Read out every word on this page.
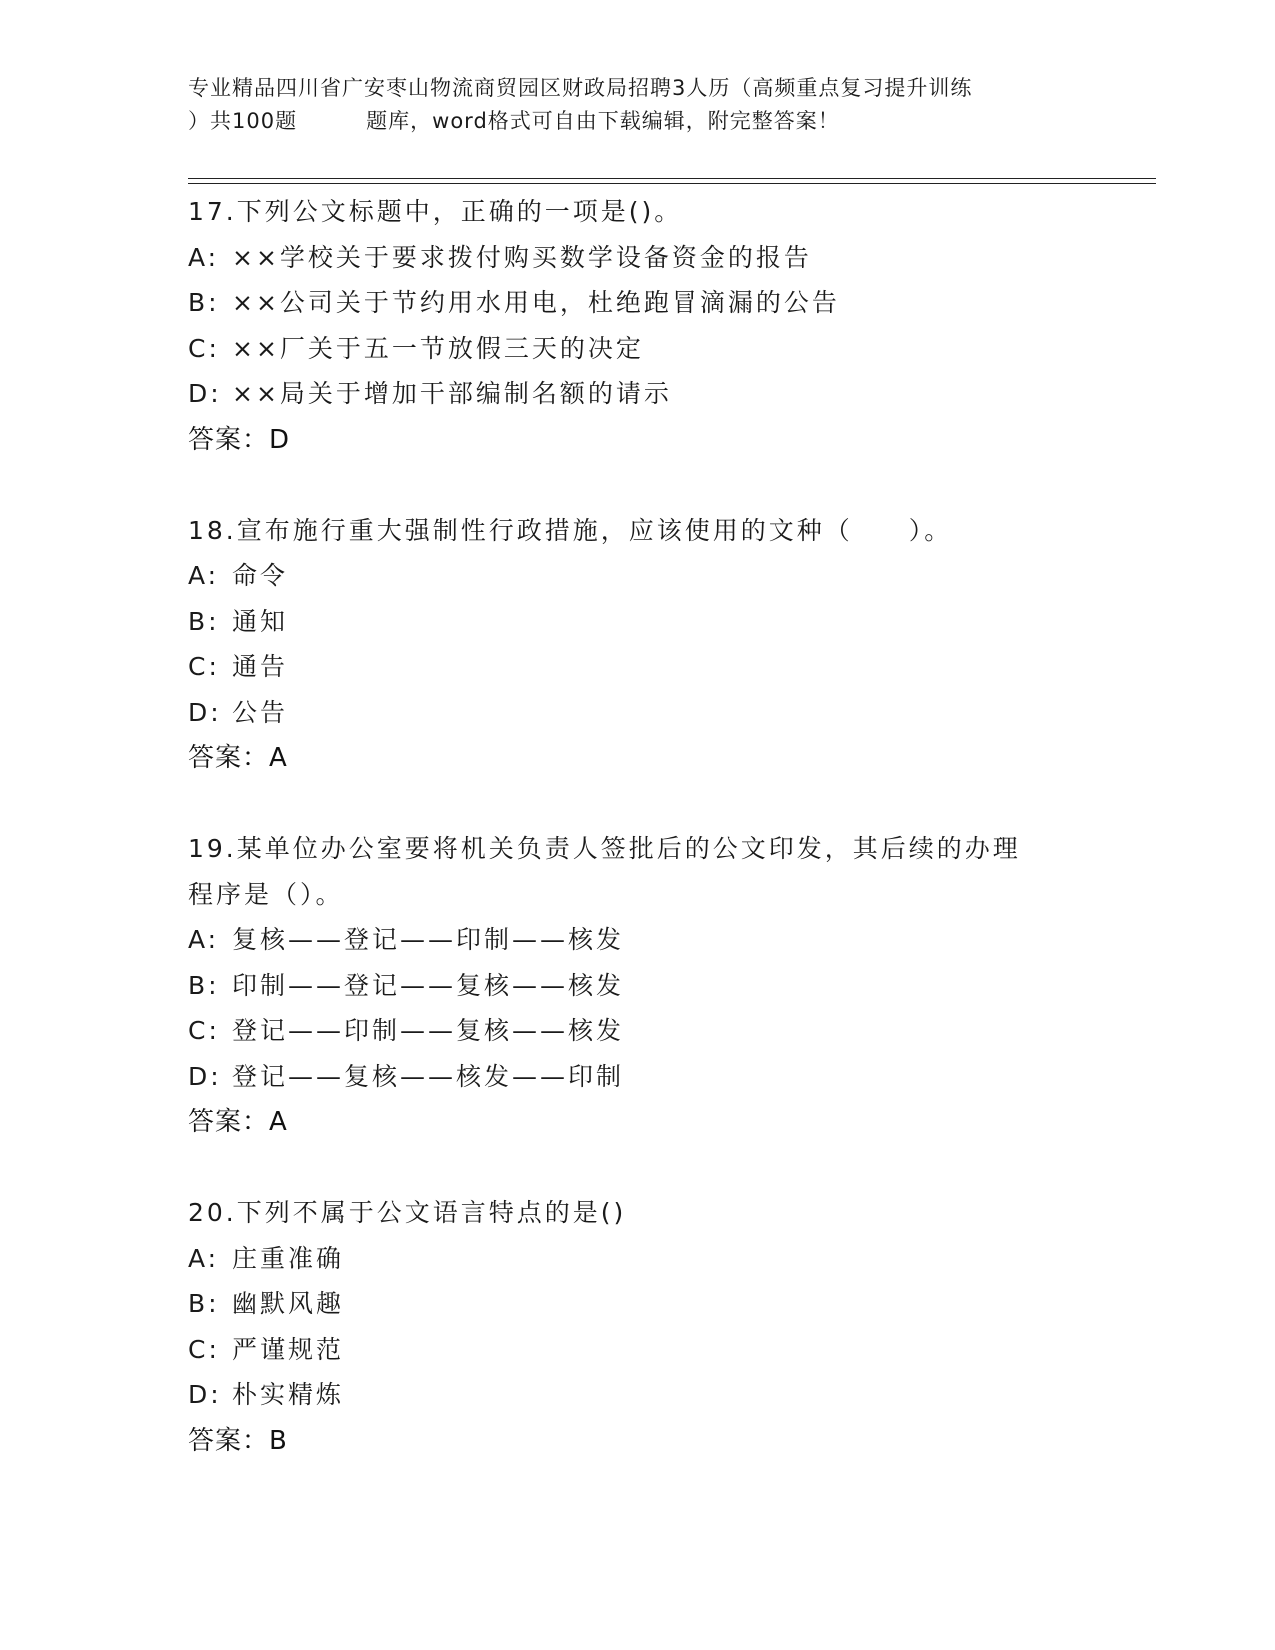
专业精品四川省广安枣山物流商贸园区财政局招聘3人历（高频重点复习提升训练
）共100题         题库，word格式可自由下载编辑，附完整答案！
17.下列公文标题中，正确的一项是()。
A: ××学校关于要求拨付购买数学设备资金的报告
B: ××公司关于节约用水用电，杜绝跑冒滴漏的公告
C: ××厂关于五一节放假三天的决定
D: ××局关于增加干部编制名额的请示
答案：D
18.宣布施行重大强制性行政措施，应该使用的文种（　　）。
A: 命令
B: 通知
C: 通告
D: 公告
答案：A
19.某单位办公室要将机关负责人签批后的公文印发，其后续的办理程序是（）。
A: 复核——登记——印制——核发
B: 印制——登记——复核——核发
C: 登记——印制——复核——核发
D: 登记——复核——核发——印制
答案：A
20.下列不属于公文语言特点的是()
A: 庄重准确
B: 幽默风趣
C: 严谨规范
D: 朴实精炼
答案：B
